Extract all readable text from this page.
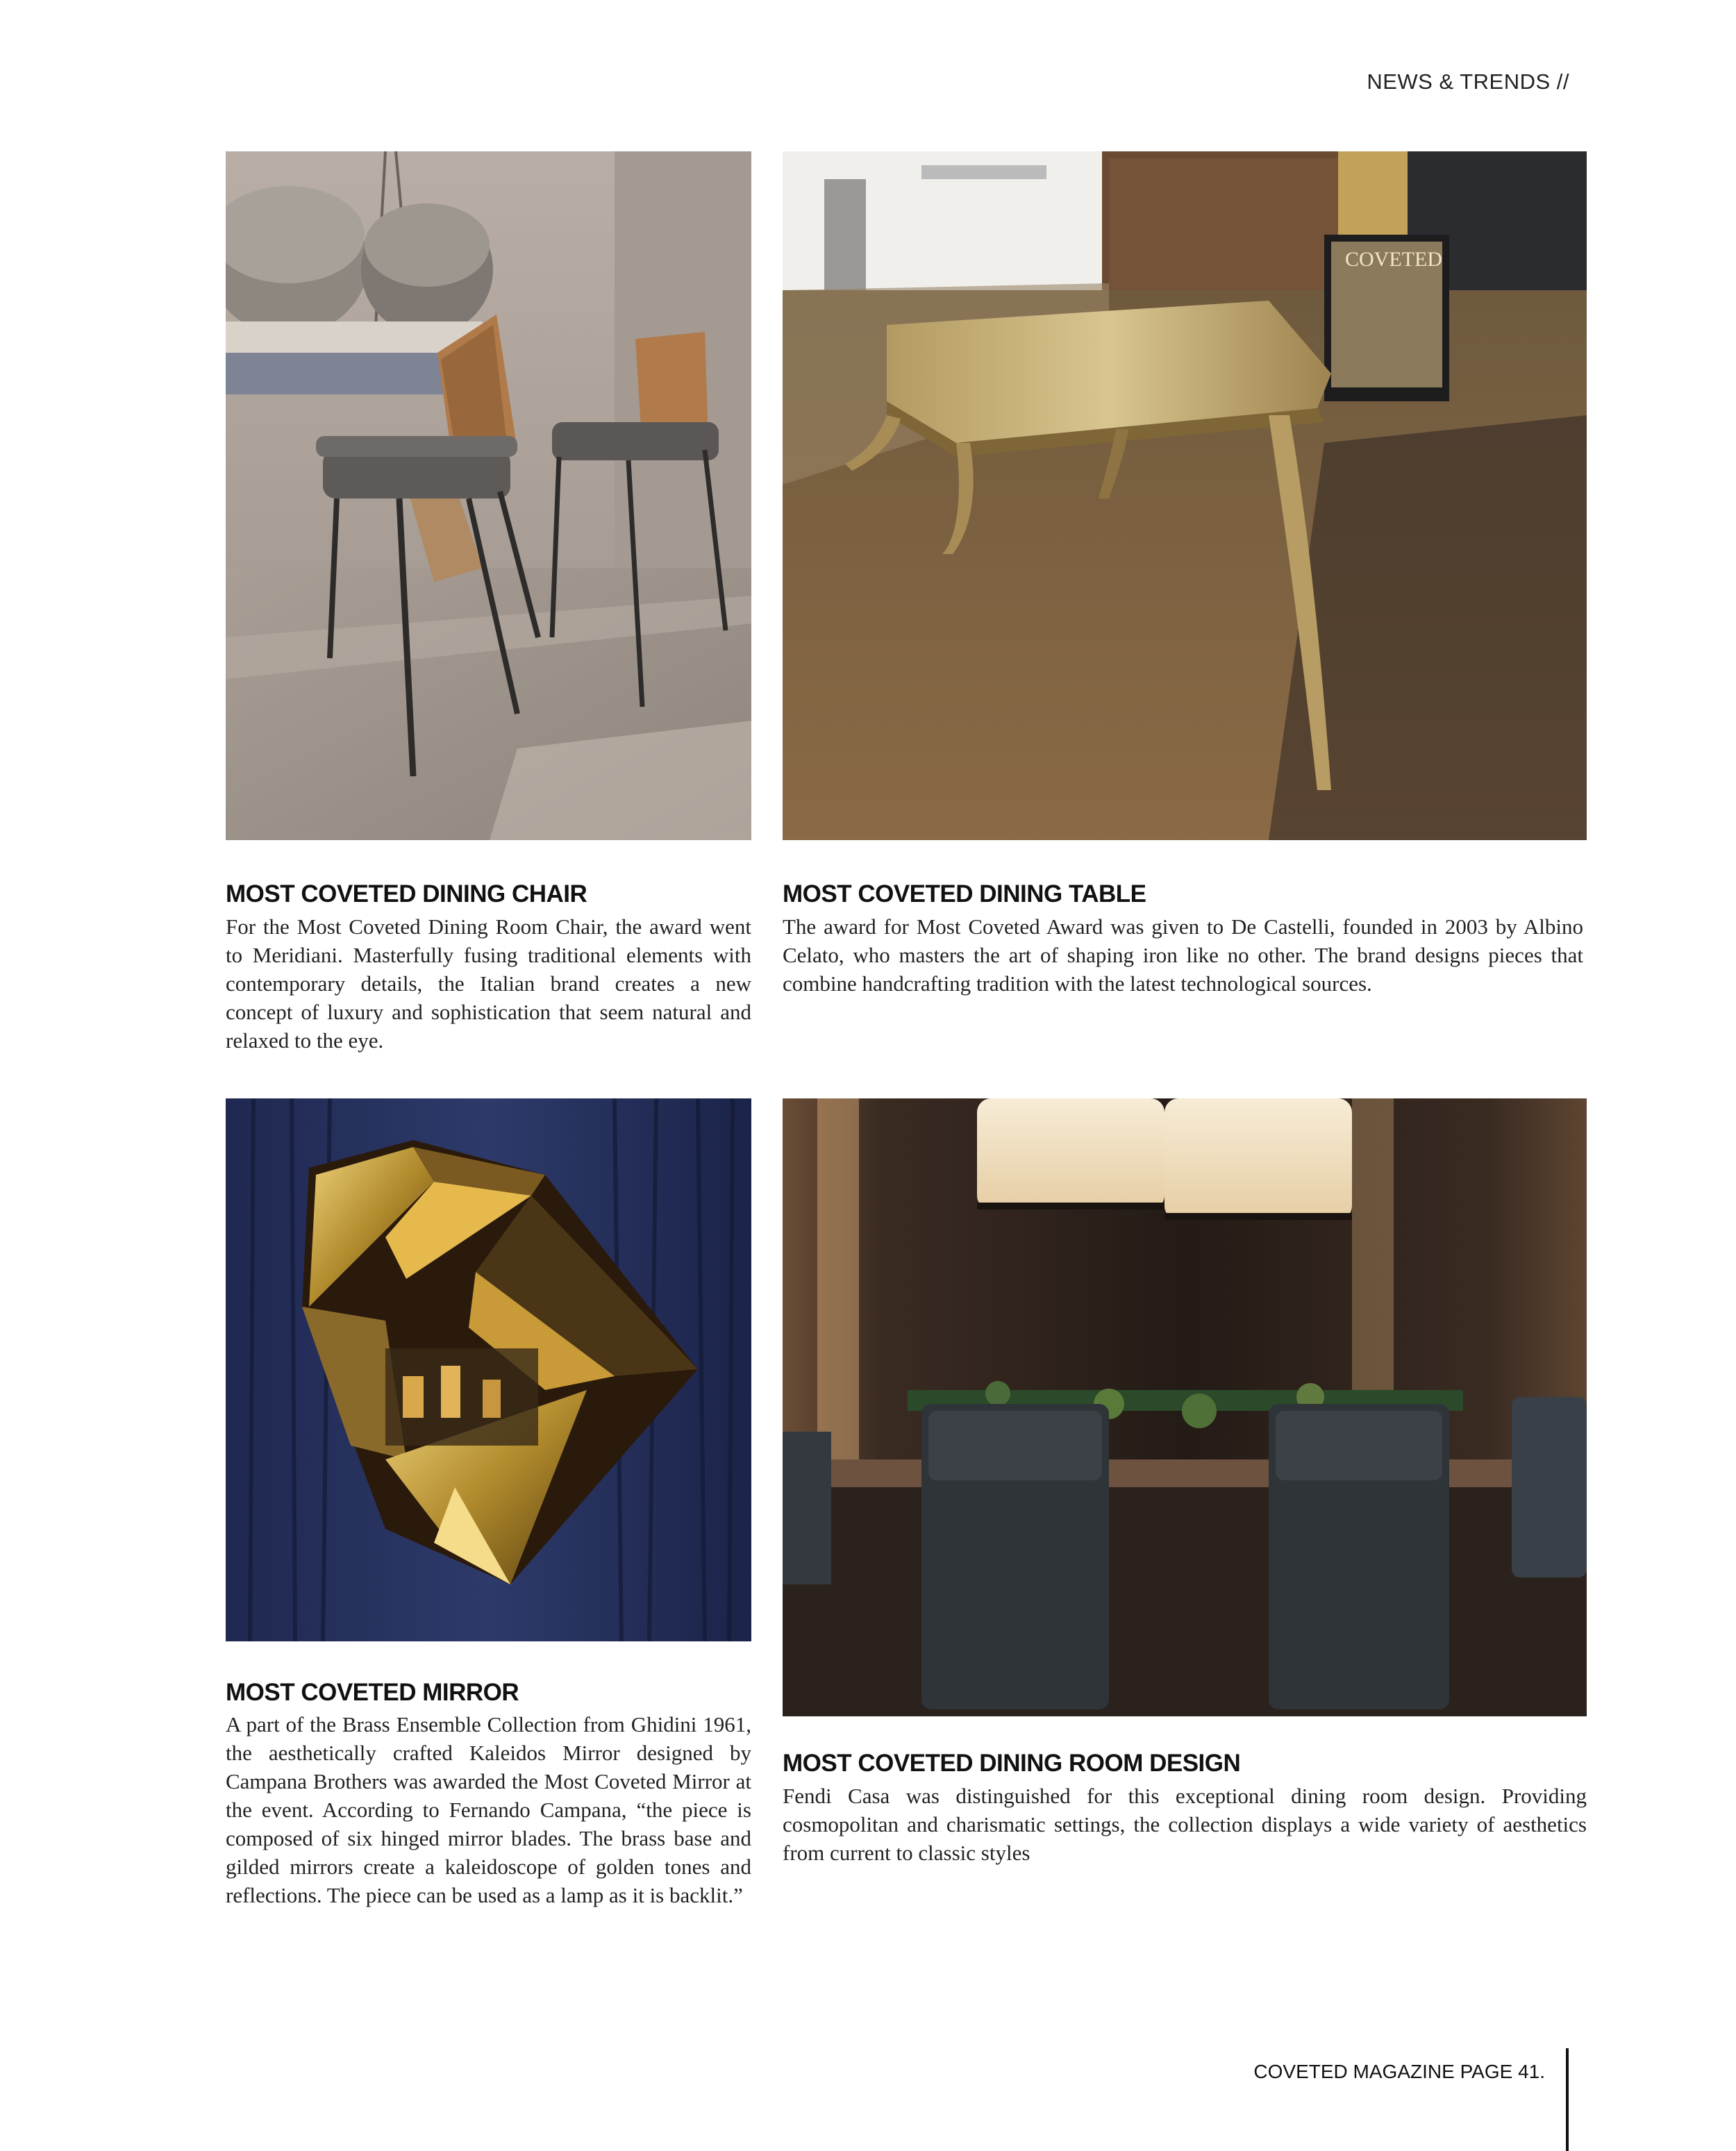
NEWS & TRENDS //
COVETED
MOST COVETED DINING CHAIR

For the Most Coveted Dining Room Chair, the award went to Meridiani. Masterfully fusing traditional elements with contemporary details, the Italian brand creates a new concept of luxury and sophistication that seem natural and relaxed to the eye.

MOST COVETED DINING TABLE

The award for Most Coveted Award was given to De Castelli, founded in 2003 by Albino Celato, who masters the art of shaping iron like no other. The brand designs pieces that combine handcrafting tradition with the latest technological sources.

MOST COVETED MIRROR

A part of the Brass Ensemble Collection from Ghidini 1961, the aesthetically crafted Kaleidos Mirror designed by Campana Brothers was awarded the Most Coveted Mirror at the event. According to Fernando Campana, “the piece is composed of six hinged mirror blades. The brass base and gilded mirrors create a kaleidoscope of golden tones and reflections. The piece can be used as a lamp as it is backlit.”

MOST COVETED DINING ROOM DESIGN

Fendi Casa was distinguished for this exceptional dining room design. Providing cosmopolitan and charismatic settings, the collection displays a wide variety of aesthetics from current to classic styles

COVETED MAGAZINE PAGE 41.
